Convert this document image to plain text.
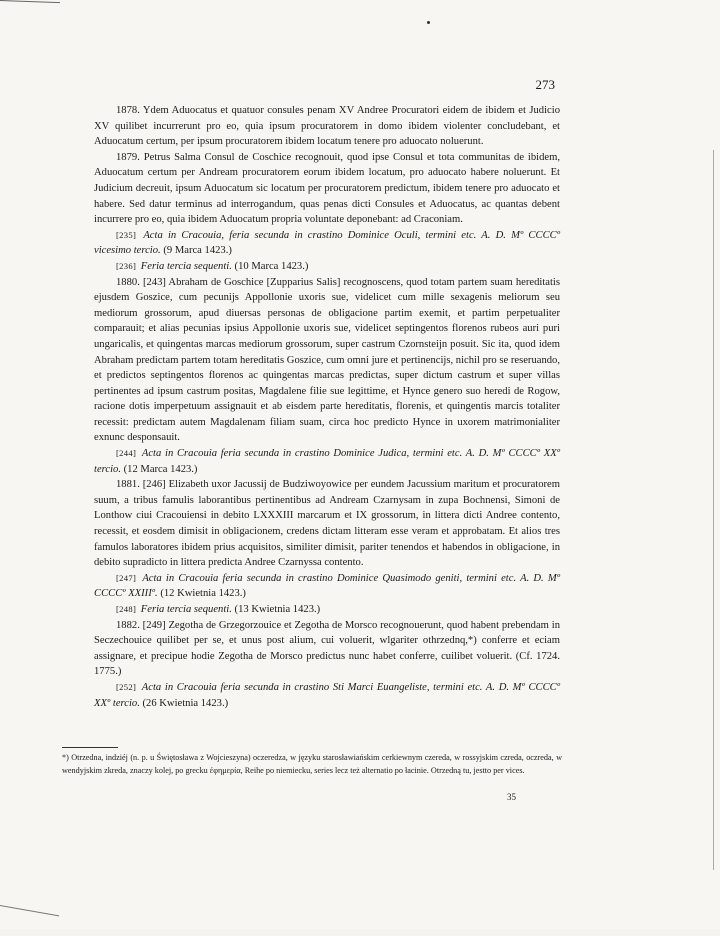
273

1878. Ydem Aduocatus et quatuor consules penam XV Andree Procuratori eidem de ibidem et Judicio XV quilibet incurrerunt pro eo, quia ipsum procuratorem in domo ibidem violenter concludebant, et Aduocatum certum, per ipsum procuratorem ibidem locatum tenere pro aduocato noluerunt.

1879. Petrus Salma Consul de Coschice recognouit, quod ipse Consul et tota communitas de ibidem, Aduocatum certum per Andream procuratorem eorum ibidem locatum, pro aduocato habere noluerunt. Et Judicium decreuit, ipsum Aduocatum sic locatum per procuratorem predictum, ibidem tenere pro aduocato et habere. Sed datur terminus ad interrogandum, quas penas dicti Consules et Aduocatus, ac quantas debent incurrere pro eo, quia ibidem Aduocatum propria voluntate deponebant: ad Craconiam.

[235] Acta in Cracouia, feria secunda in crastino Dominice Oculi, termini etc. A. D. Mº CCCCº vicesimo tercio. (9 Marca 1423.)

[236] Feria tercia sequenti. (10 Marca 1423.)

1880. [243] Abraham de Goschice [Zupparius Salis] recognoscens, quod totam partem suam hereditatis ejusdem Goszice, cum pecunijs Appollonie uxoris sue, videlicet cum mille sexagenis meliorum seu mediorum grossorum, apud diuersas personas de obligacione partim exemit, et partim perpetualiter comparauit; et alias pecunias ipsius Appollonie uxoris sue, videlicet septingentos florenos rubeos auri puri ungaricalis, et quingentas marcas mediorum grossorum, super castrum Czornsteijn posuit. Sic ita, quod idem Abraham predictam partem totam hereditatis Goszice, cum omni jure et pertinencijs, nichil pro se reseruando, et predictos septingentos florenos ac quingentas marcas predictas, super dictum castrum et super villas pertinentes ad ipsum castrum positas, Magdalene filie sue legittime, et Hynce genero suo heredi de Rogow, racione dotis imperpetuum assignauit et ab eisdem parte hereditatis, florenis, et quingentis marcis totaliter recessit: predictam autem Magdalenam filiam suam, circa hoc predicto Hynce in uxorem matrimonialiter exnunc desponsauit.

[244] Acta in Cracouia feria secunda in crastino Dominice Judica, termini etc. A. D. Mº CCCCº XXº tercio. (12 Marca 1423.)

1881. [246] Elizabeth uxor Jacussij de Budziwoyowice per eundem Jacussium maritum et procuratorem suum, a tribus famulis laborantibus pertinentibus ad Andream Czarnysam in zupa Bochnensi, Simoni de Lonthow ciui Cracouiensi in debito LXXXIII marcarum et IX grossorum, in littera dicti Andree contento, recessit, et eosdem dimisit in obligacionem, credens dictam litteram esse veram et approbatam. Et alios tres famulos laboratores ibidem prius acquisitos, similiter dimisit, pariter tenendos et habendos in obligacione, in debito supradicto in littera predicta Andree Czarnyssa contento.

[247] Acta in Cracouia feria secunda in crastino Dominice Quasimodo geniti, termini etc. A. D. Mº CCCCº XXIIIº. (12 Kwietnia 1423.)

[248] Feria tercia sequenti. (13 Kwietnia 1423.)

1882. [249] Zegotha de Grzegorzouice et Zegotha de Morsco recognouerunt, quod habent prebendam in Seczechouice quilibet per se, et unus post alium, cui voluerit, wlgariter othrzednq,*) conferre et eciam assignare, et precipue hodie Zegotha de Morsco predictus nunc habet conferre, cuilibet voluerit. (Cf. 1724. 1775.)

[252] Acta in Cracouia feria secunda in crastino Sti Marci Euangeliste, termini etc. A. D. Mº CCCCº XXº tercio. (26 Kwietnia 1423.)

*) Otrzedna, indziéj (n. p. u Świętosława z Wojcieszyna) oczeredza, w języku starosławiańskim cerkiewnym czereda, w rossyjskim czreda, oczreda, w wendyjskim zkreda, znaczy kolej, po grecku ἐφημερία, Reihe po niemiecku, series lecz też alternatio po łacinie. Otrzedną tu, jestto per vices.
35
